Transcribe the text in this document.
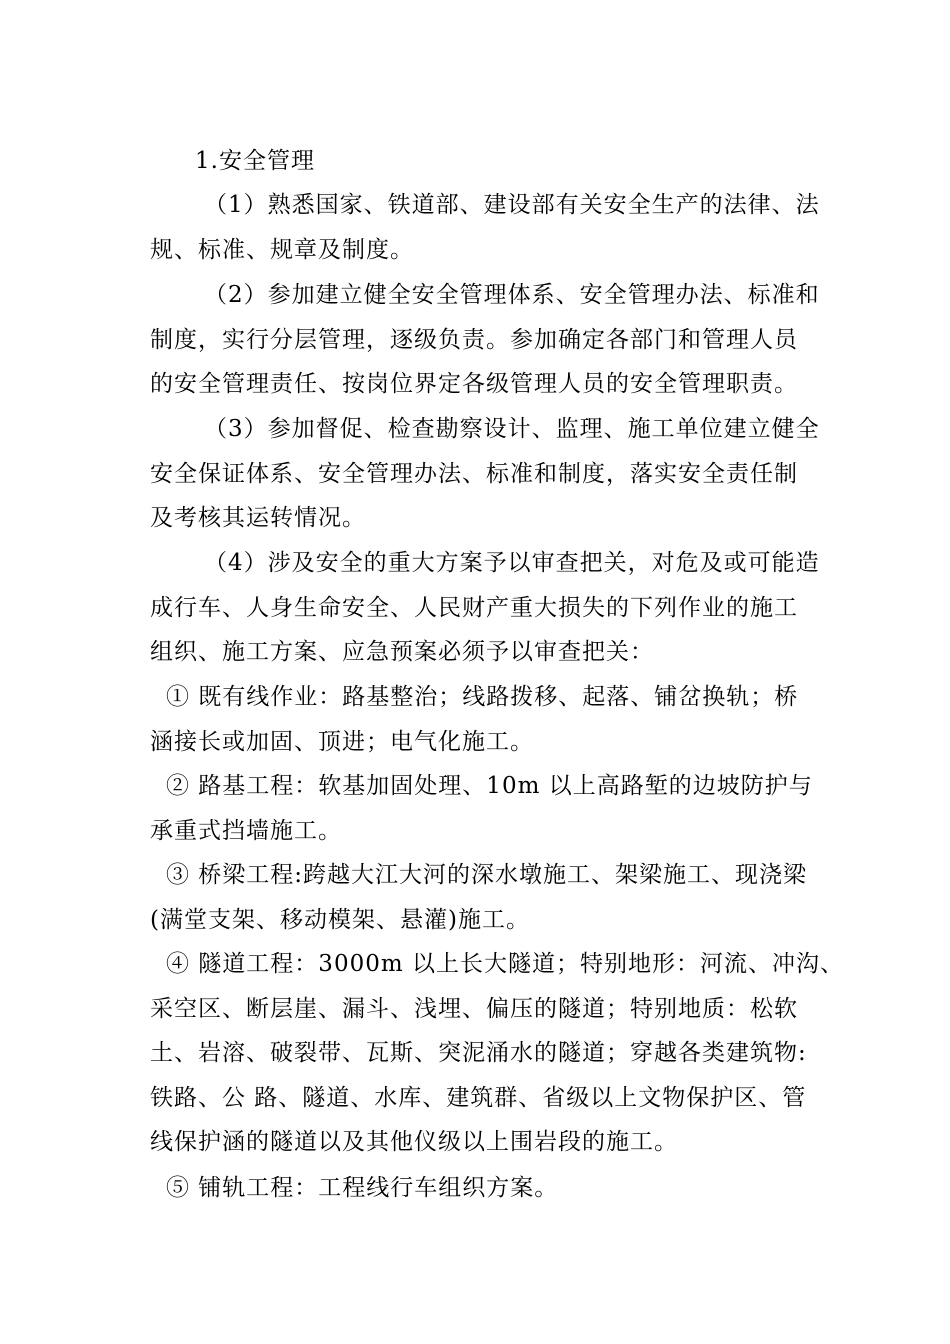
1.安全管理
（1）熟悉国家、铁道部、建设部有关安全生产的法律、法
规、标准、规章及制度。
（2）参加建立健全安全管理体系、安全管理办法、标准和
制度，实行分层管理，逐级负责。参加确定各部门和管理人员
的安全管理责任、按岗位界定各级管理人员的安全管理职责。
（3）参加督促、检查勘察设计、监理、施工单位建立健全
安全保证体系、安全管理办法、标准和制度，落实安全责任制
及考核其运转情况。
（4）涉及安全的重大方案予以审查把关，对危及或可能造
成行车、人身生命安全、人民财产重大损失的下列作业的施工
组织、施工方案、应急预案必须予以审查把关：
① 既有线作业：路基整治；线路拨移、起落、铺岔换轨；桥
涵接长或加固、顶进；电气化施工。
② 路基工程：软基加固处理、10m 以上高路堑的边坡防护与
承重式挡墙施工。
③ 桥梁工程:跨越大江大河的深水墩施工、架梁施工、现浇梁
(满堂支架、移动模架、悬灌)施工。
④ 隧道工程：3000m 以上长大隧道；特别地形：河流、冲沟、
采空区、断层崖、漏斗、浅埋、偏压的隧道；特别地质：松软
土、岩溶、破裂带、瓦斯、突泥涌水的隧道；穿越各类建筑物:
铁路、公 路、隧道、水库、建筑群、省级以上文物保护区、管
线保护涵的隧道以及其他仪级以上围岩段的施工。
⑤ 铺轨工程：工程线行车组织方案。
